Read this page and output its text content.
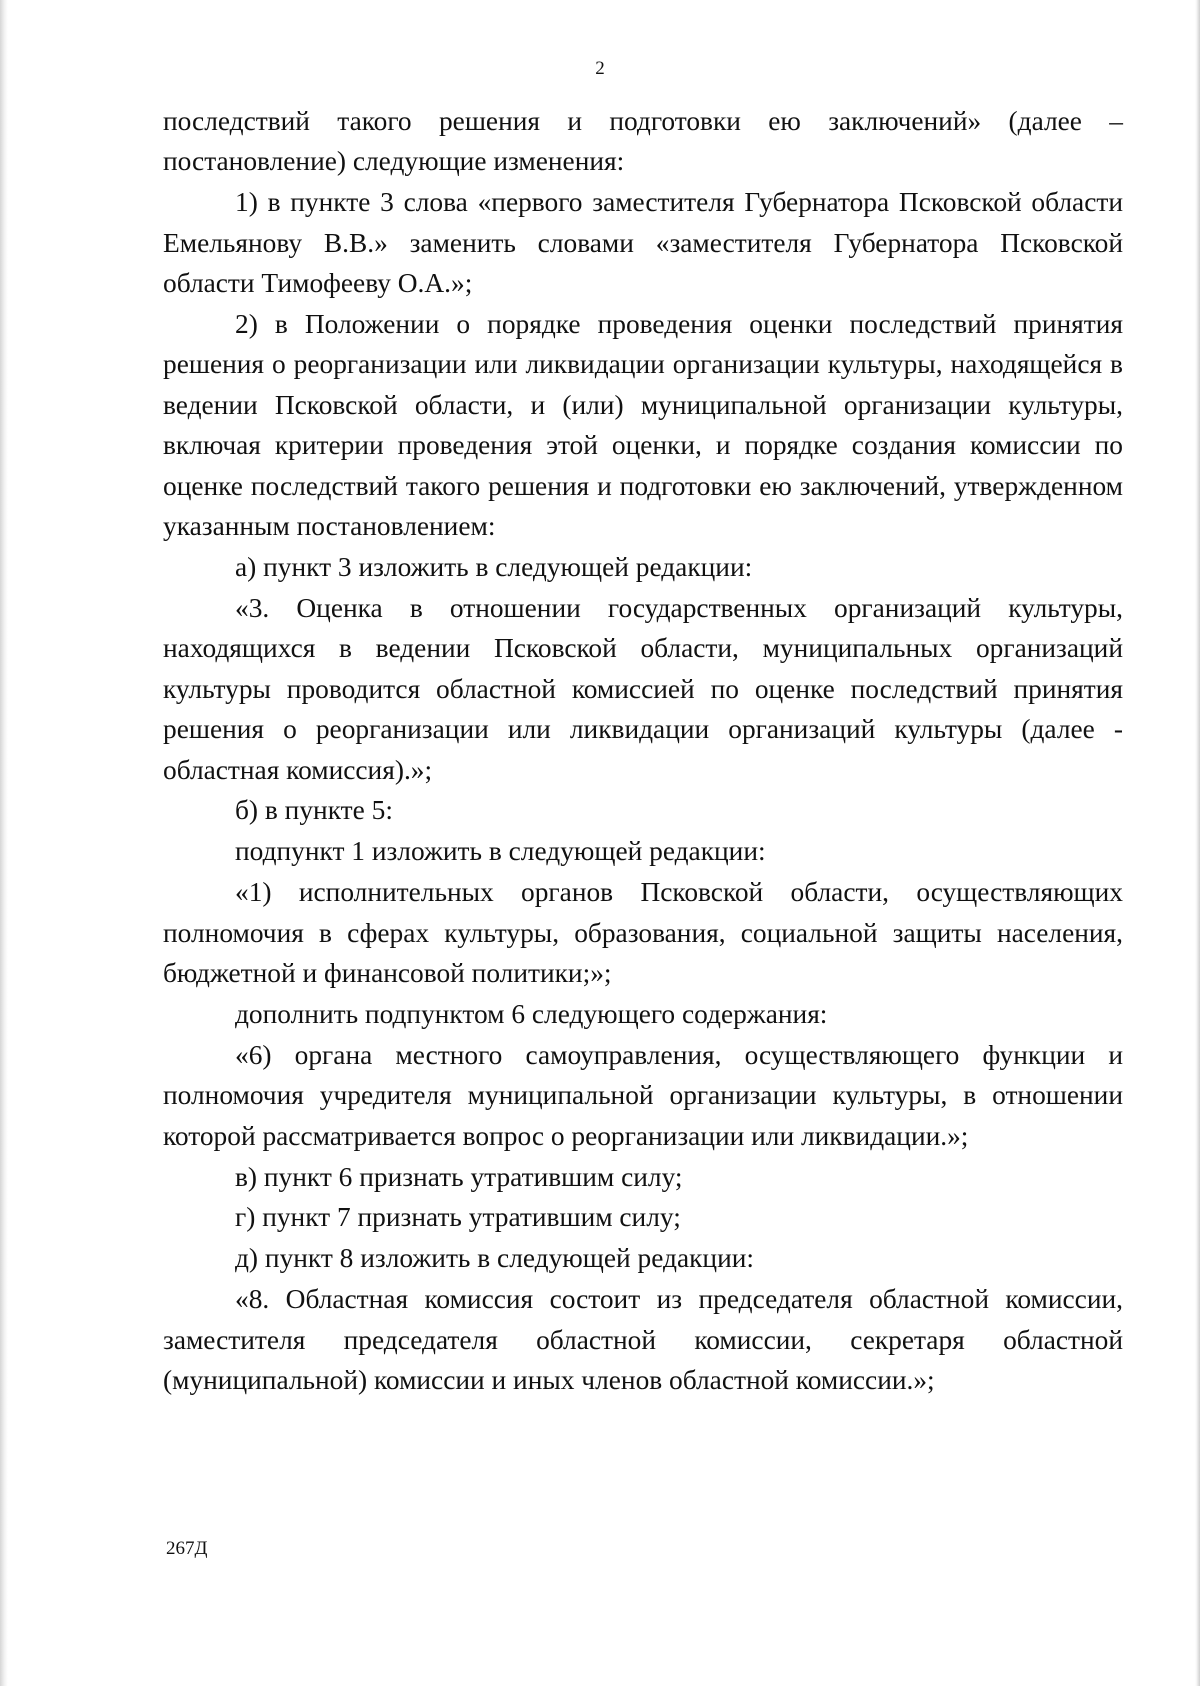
2

последствий такого решения и подготовки ею заключений» (далее – постановление) следующие изменения:

1) в пункте 3 слова «первого заместителя Губернатора Псковской области Емельянову В.В.» заменить словами «заместителя Губернатора Псковской области Тимофееву О.А.»;

2) в Положении о порядке проведения оценки последствий принятия решения о реорганизации или ликвидации организации культуры, находящейся в ведении Псковской области, и (или) муниципальной организации культуры, включая критерии проведения этой оценки, и порядке создания комиссии по оценке последствий такого решения и подготовки ею заключений, утвержденном указанным постановлением:

а) пункт 3 изложить в следующей редакции:

«3. Оценка в отношении государственных организаций культуры, находящихся в ведении Псковской области, муниципальных организаций культуры проводится областной комиссией по оценке последствий принятия решения о реорганизации или ликвидации организаций культуры (далее - областная комиссия).»;

б) в пункте 5:

подпункт 1 изложить в следующей редакции:

«1) исполнительных органов Псковской области, осуществляющих полномочия в сферах культуры, образования, социальной защиты населения, бюджетной и финансовой политики;»;

дополнить подпунктом 6 следующего содержания:

«6) органа местного самоуправления, осуществляющего функции и полномочия учредителя муниципальной организации культуры, в отношении которой рассматривается вопрос о реорганизации или ликвидации.»;

в) пункт 6 признать утратившим силу;

г) пункт 7 признать утратившим силу;

д) пункт 8 изложить в следующей редакции:

«8. Областная комиссия состоит из председателя областной комиссии, заместителя председателя областной комиссии, секретаря областной (муниципальной) комиссии и иных членов областной комиссии.»;

267Д
